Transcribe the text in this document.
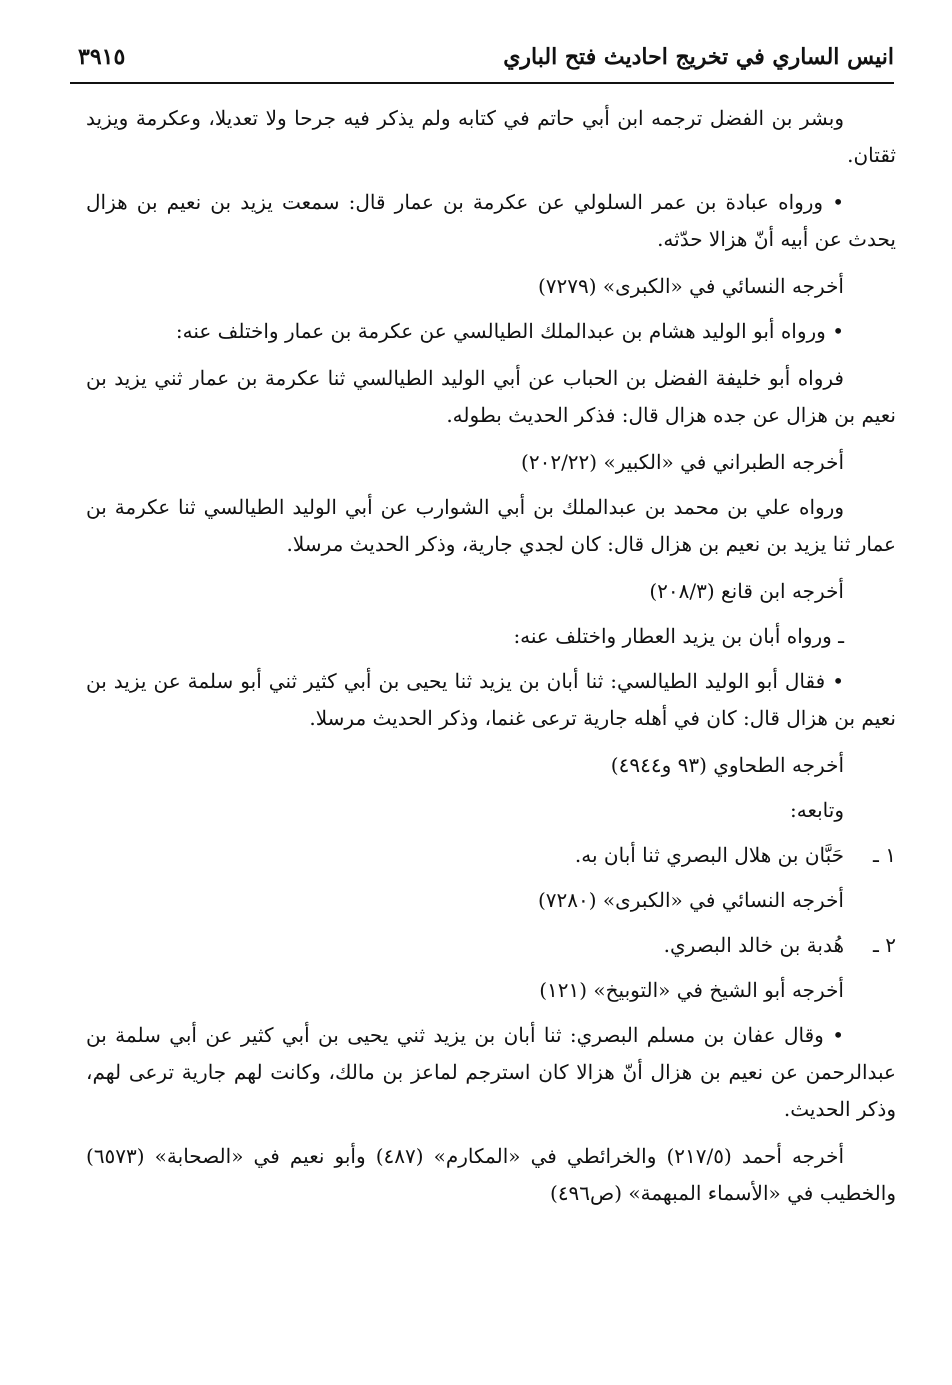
انيس الساري في تخريج احاديث فتح الباري
٣٩١٥

وبشر بن الفضل ترجمه ابن أبي حاتم في كتابه ولم يذكر فيه جرحا ولا تعديلا، وعكرمة ويزيد ثقتان.

• ورواه عبادة بن عمر السلولي عن عكرمة بن عمار قال: سمعت يزيد بن نعيم بن هزال يحدث عن أبيه أنّ هزالا حدّثه.

أخرجه النسائي في «الكبرى» (٧٢٧٩)

• ورواه أبو الوليد هشام بن عبدالملك الطيالسي عن عكرمة بن عمار واختلف عنه:

فرواه أبو خليفة الفضل بن الحباب عن أبي الوليد الطيالسي ثنا عكرمة بن عمار ثني يزيد بن نعيم بن هزال عن جده هزال قال: فذكر الحديث بطوله.

أخرجه الطبراني في «الكبير» (٢٠٢/٢٢)

ورواه علي بن محمد بن عبدالملك بن أبي الشوارب عن أبي الوليد الطيالسي ثنا عكرمة بن عمار ثنا يزيد بن نعيم بن هزال قال: كان لجدي جارية، وذكر الحديث مرسلا.

أخرجه ابن قانع (٢٠٨/٣)

ـ ورواه أبان بن يزيد العطار واختلف عنه:

• فقال أبو الوليد الطيالسي: ثنا أبان بن يزيد ثنا يحيى بن أبي كثير ثني أبو سلمة عن يزيد بن نعيم بن هزال قال: كان في أهله جارية ترعى غنما، وذكر الحديث مرسلا.

أخرجه الطحاوي (٩٣ و٤٩٤٤)

وتابعه:

١ ـحَبَّان بن هلال البصري ثنا أبان به.

أخرجه النسائي في «الكبرى» (٧٢٨٠)

٢ ـهُدبة بن خالد البصري.

أخرجه أبو الشيخ في «التوبيخ» (١٢١)

• وقال عفان بن مسلم البصري: ثنا أبان بن يزيد ثني يحيى بن أبي كثير عن أبي سلمة بن عبدالرحمن عن نعيم بن هزال أنّ هزالا كان استرجم لماعز بن مالك، وكانت لهم جارية ترعى لهم، وذكر الحديث.

أخرجه أحمد (٢١٧/٥) والخرائطي في «المكارم» (٤٨٧) وأبو نعيم في «الصحابة» (٦٥٧٣) والخطيب في «الأسماء المبهمة» (ص٤٩٦)
